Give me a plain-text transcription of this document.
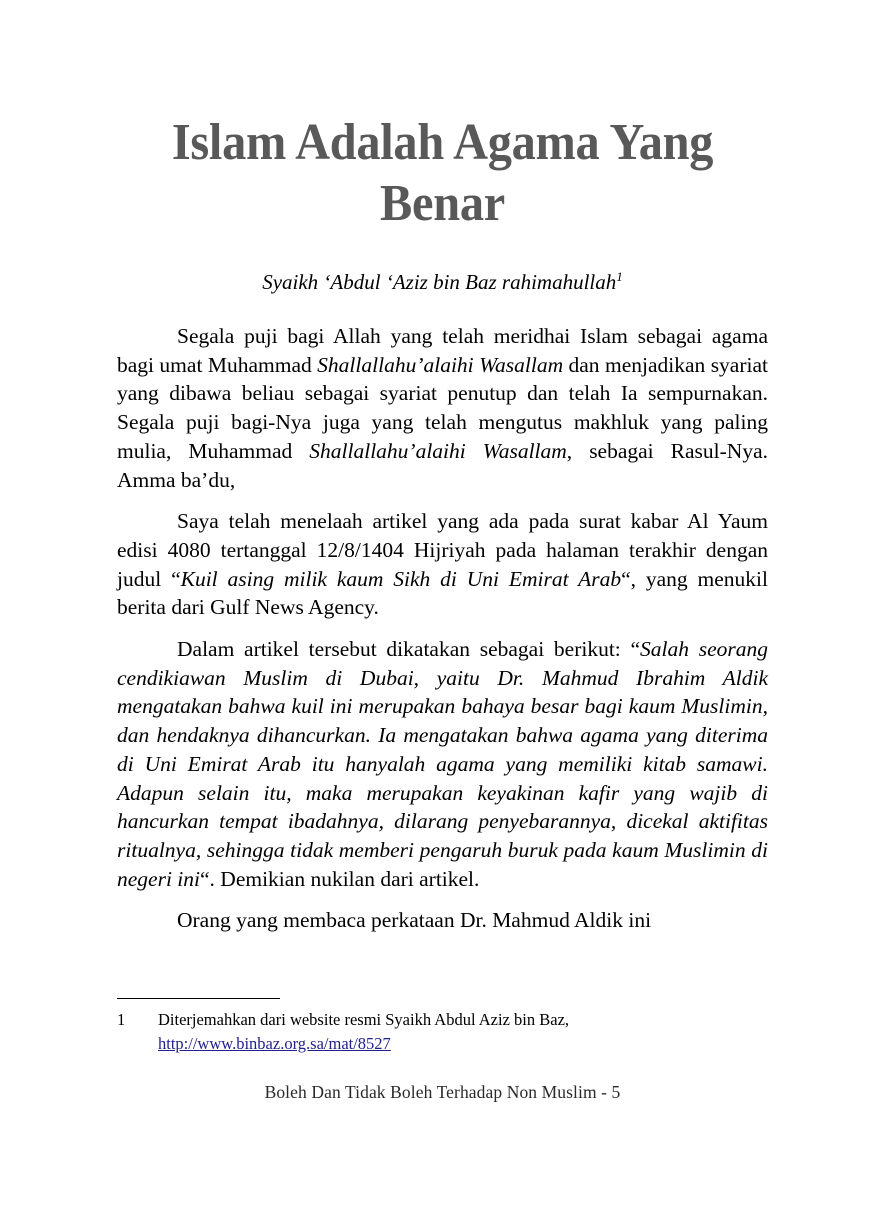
Islam Adalah Agama Yang Benar
Syaikh ‘Abdul ‘Aziz bin Baz rahimahullah$^1$

Segala puji bagi Allah yang telah meridhai Islam sebagai agama bagi umat Muhammad Shallallahu’alaihi Wasallam dan menjadikan syariat yang dibawa beliau sebagai syariat penutup dan telah Ia sempurnakan. Segala puji bagi-Nya juga yang telah mengutus makhluk yang paling mulia, Muhammad Shallallahu’alaihi Wasallam, sebagai Rasul-Nya. Amma ba’du,

Saya telah menelaah artikel yang ada pada surat kabar Al Yaum edisi 4080 tertanggal 12/8/1404 Hijriyah pada halaman terakhir dengan judul “Kuil asing milik kaum Sikh di Uni Emirat Arab“, yang menukil berita dari Gulf News Agency.

Dalam artikel tersebut dikatakan sebagai berikut: “Salah seorang cendikiawan Muslim di Dubai, yaitu Dr. Mahmud Ibrahim Aldik mengatakan bahwa kuil ini merupakan bahaya besar bagi kaum Muslimin, dan hendaknya dihancurkan. Ia mengatakan bahwa agama yang diterima di Uni Emirat Arab itu hanyalah agama yang memiliki kitab samawi. Adapun selain itu, maka merupakan keyakinan kafir yang wajib di hancurkan tempat ibadahnya, dilarang penyebarannya, dicekal aktifitas ritualnya, sehingga tidak memberi pengaruh buruk pada kaum Muslimin di negeri ini“. Demikian nukilan dari artikel.

Orang yang membaca perkataan Dr. Mahmud Aldik ini

1	Diterjemahkan dari website resmi Syaikh Abdul Aziz bin Baz,
http://www.binbaz.org.sa/mat/8527
Boleh Dan Tidak Boleh Terhadap Non Muslim - 5
